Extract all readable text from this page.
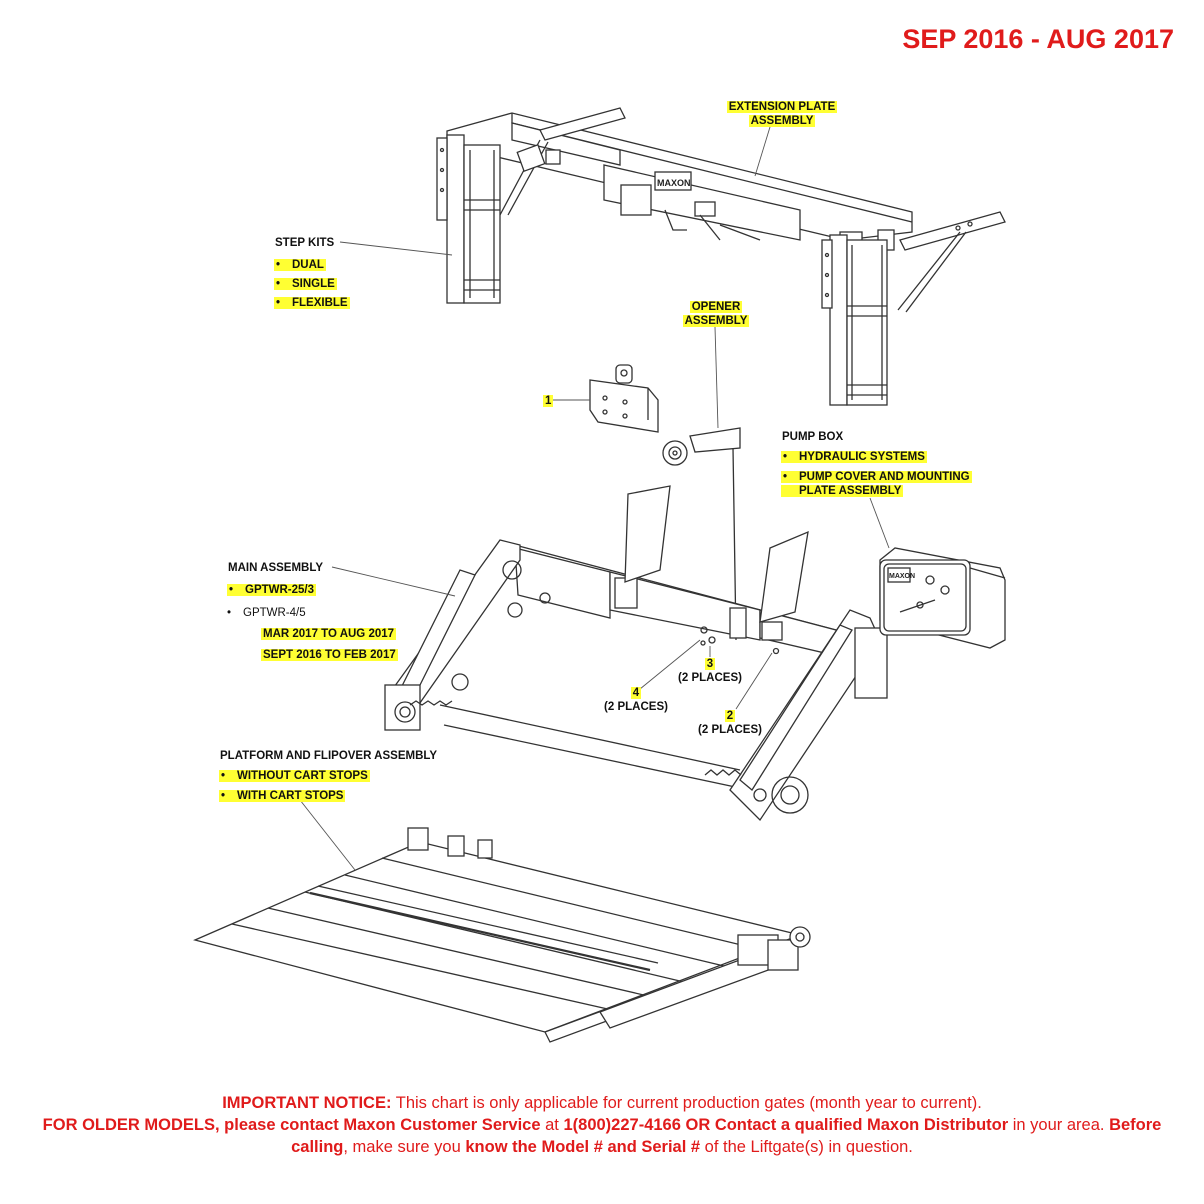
SEP 2016 - AUG 2017
MAXON
MAXON
EXTENSION PLATE
ASSEMBLY
STEP KITS
• DUAL
• SINGLE
• FLEXIBLE	OPENER
ASSEMBLY
1
PUMP BOX
• HYDRAULIC SYSTEMS
• PUMP COVER AND MOUNTING
PLATE ASSEMBLY
MAIN ASSEMBLY
• GPTWR-25/3
• GPTWR-4/5
MAR 2017 TO AUG 2017
SEPT 2016 TO FEB 2017
3
(2 PLACES)
4
(2 PLACES)
2
(2 PLACES)
PLATFORM AND FLIPOVER ASSEMBLY
• WITHOUT CART STOPS
• WITH CART STOPS
IMPORTANT NOTICE: This chart is only applicable for current production gates (month year to current).
FOR OLDER MODELS, please contact Maxon Customer Service at 1(800)227-4166 OR Contact a qualified Maxon Distributor in your area. Before calling, make sure you know the Model # and Serial # of the Liftgate(s) in question.
